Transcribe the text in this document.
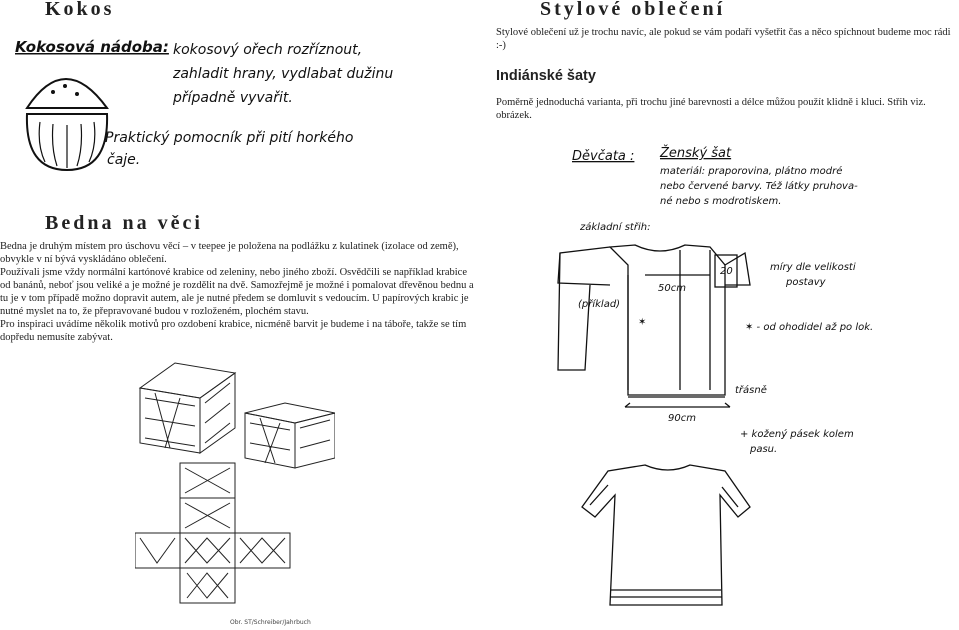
Kokos
Kokosová nádoba: kokosový ořech rozříznout,
zahladit hrany, vydlabat dužinu
případně vyvařit.
Praktický pomocník při pití horkého
čaje.
Bedna na věci

Bedna je druhým místem pro úschovu věcí – v teepee je položena na podlážku z kulatinek (izolace od země), obvykle v ní bývá vyskládáno oblečení.

Používali jsme vždy normální kartónové krabice od zeleniny, nebo jiného zboží. Osvědčili se například krabice od banánů, neboť jsou veliké a je možné je rozdělit na dvě. Samozřejmě je možné i pomalovat dřevěnou bednu a tu je v tom případě možno dopravit autem, ale je nutné předem se domluvit s vedoucím. U papírových krabic je nutné myslet na to, že přepravované budou v rozloženém, plochém stavu.

Pro inspiraci uvádíme několik motivů pro ozdobení krabice, nicméně barvit je budeme i na táboře, takže se tím dopředu nemusíte zabývat.

Obr. ST/Schreiber/Jahrbuch
Stylové oblečení

Stylové oblečení už je trochu navíc, ale pokud se vám podaří vyšetřit čas a něco spíchnout budeme moc rádi :-)

Indiánské šaty

Poměrně jednoduchá varianta, při trochu jiné barevnosti a délce můžou použít klidně i kluci. Střih viz. obrázek.

Děvčata : Ženský šat
materiál: praporovina, plátno modré
nebo červené barvy. Též látky pruhova-
né nebo s modrotiskem.
základní střih:
50cm
(příklad)
20	míry dle velikosti
postavy
✶ - od ohodidel až po lok.
✶
třásně
90cm
+ kožený pásek kolem
pasu.
